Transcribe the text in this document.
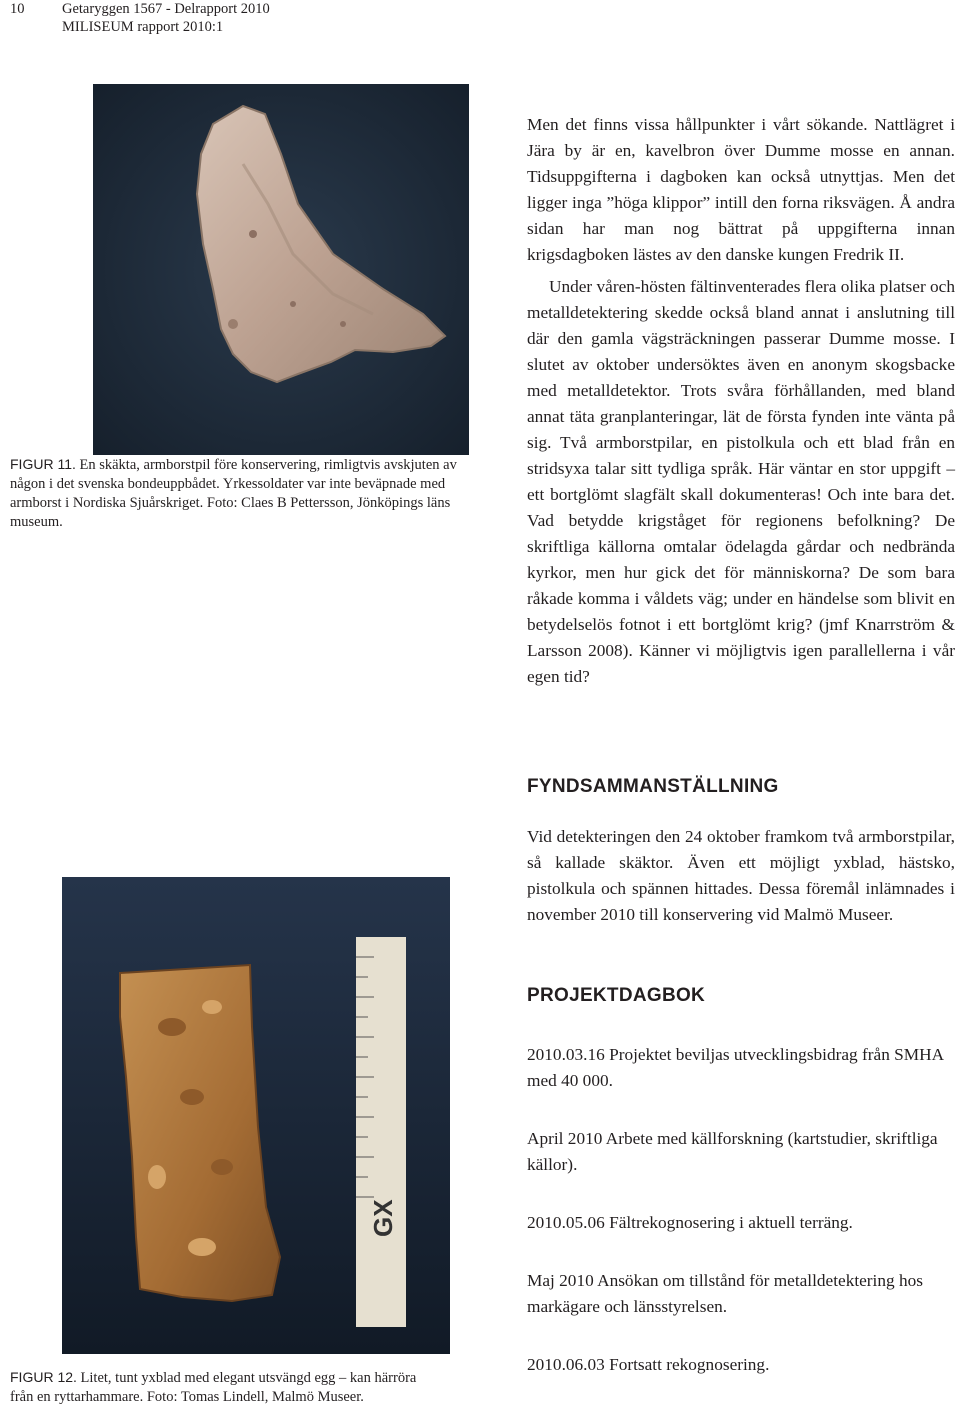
10	Getaryggen 1567 - Delrapport 2010
MILISEUM rapport 2010:1
FIGUR 11. En skäkta, armborstpil före konservering, rimligtvis avskjuten av någon i det svenska bondeuppbådet. Yrkessoldater var inte beväpnade med armborst i Nordiska Sjuårskriget. Foto: Claes B Pettersson, Jönköpings läns museum.

Men det finns vissa hållpunkter i vårt sökande. Nattlägret i Jära by är en, kavelbron över Dumme mosse en annan. Tidsuppgifterna i dagboken kan också utnyttjas. Men det ligger inga ”höga klippor” intill den forna riksvägen. Å andra sidan har man nog bättrat på uppgifterna innan krigsdagboken lästes av den danske kungen Fredrik II.

Under våren-hösten fältinventerades flera olika platser och metalldetektering skedde också bland annat i anslutning till där den gamla vägsträckningen passerar Dumme mosse. I slutet av oktober undersöktes även en anonym skogsbacke med metalldetektor. Trots svåra förhållanden, med bland annat täta granplanteringar, lät de första fynden inte vänta på sig. Två armborstpilar, en pistolkula och ett blad från en stridsyxa talar sitt tydliga språk. Här väntar en stor uppgift – ett bortglömt slagfält skall dokumenteras! Och inte bara det. Vad betydde krigståget för regionens befolkning? De skriftliga källorna omtalar ödelagda gårdar och nedbrända kyrkor, men hur gick det för människorna? De som bara råkade komma i våldets väg; under en händelse som blivit en betydelselös fotnot i ett bortglömt krig? (jmf Knarrström & Larsson 2008). Känner vi möjligtvis igen parallellerna i vår egen tid?

FYNDSAMMANSTÄLLNING
Vid detekteringen den 24 oktober framkom två armborstpilar, så kallade skäktor. Även ett möjligt yxblad, hästsko, pistolkula och spännen hittades. Dessa föremål inlämnades i november 2010 till konservering vid Malmö Museer.
PROJEKTDAGBOK
2010.03.16 Projektet beviljas utvecklingsbidrag från SMHA med 40 000.
April 2010 Arbete med källforskning (kartstudier, skriftliga källor).
2010.05.06 Fältrekognosering i aktuell terräng.
Maj 2010 Ansökan om tillstånd för metalldetektering hos markägare och länsstyrelsen.
2010.06.03 Fortsatt rekognosering.
GX
FIGUR 12. Litet, tunt yxblad med elegant utsvängd egg – kan härröra från en ryttarhammare. Foto: Tomas Lindell, Malmö Museer.
